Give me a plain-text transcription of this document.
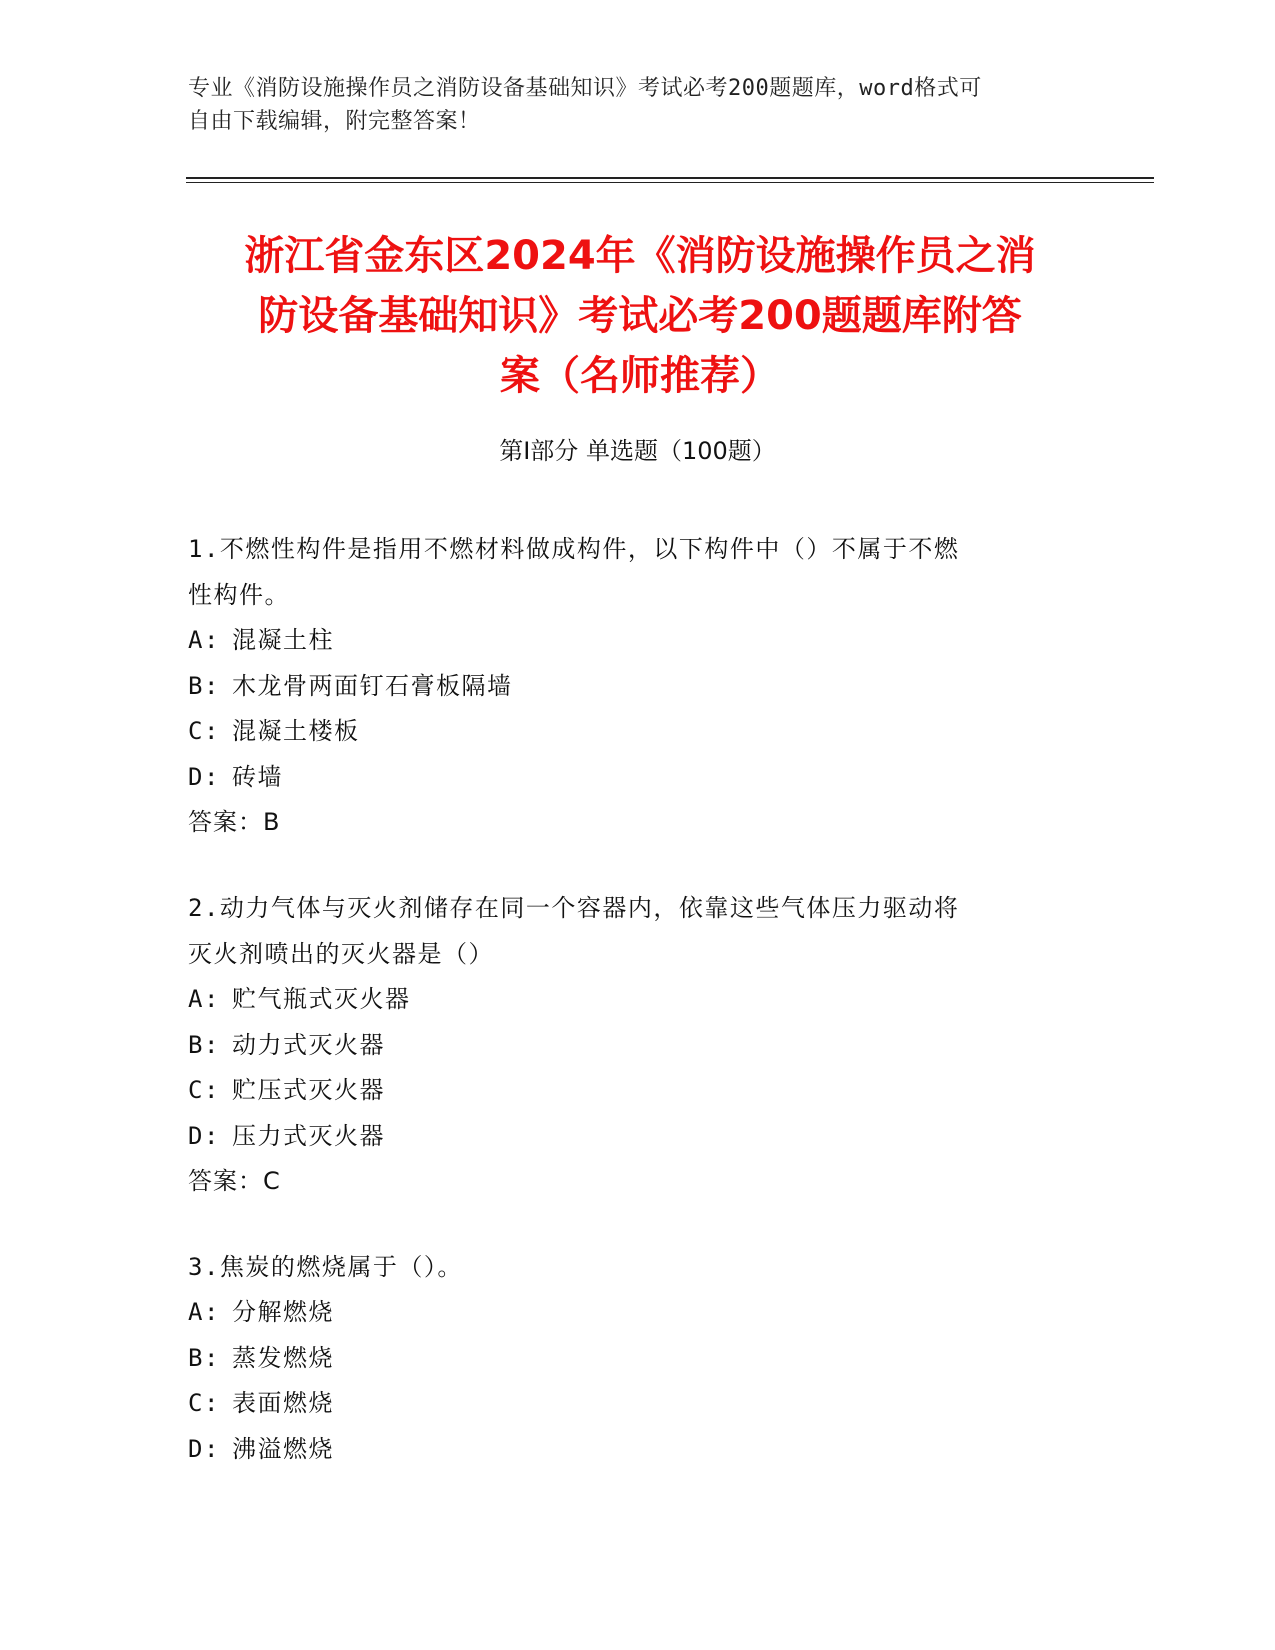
专业《消防设施操作员之消防设备基础知识》考试必考200题题库，word格式可
自由下载编辑，附完整答案！
浙江省金东区2024年《消防设施操作员之消
防设备基础知识》考试必考200题题库附答
案（名师推荐）
第Ⅰ部分 单选题（100题）
1.不燃性构件是指用不燃材料做成构件，以下构件中（）不属于不燃
性构件。
A: 混凝土柱
B: 木龙骨两面钉石膏板隔墙
C: 混凝土楼板
D: 砖墙
答案：B
2.动力气体与灭火剂储存在同一个容器内，依靠这些气体压力驱动将
灭火剂喷出的灭火器是（）
A: 贮气瓶式灭火器
B: 动力式灭火器
C: 贮压式灭火器
D: 压力式灭火器
答案：C
3.焦炭的燃烧属于（）。
A: 分解燃烧
B: 蒸发燃烧
C: 表面燃烧
D: 沸溢燃烧
